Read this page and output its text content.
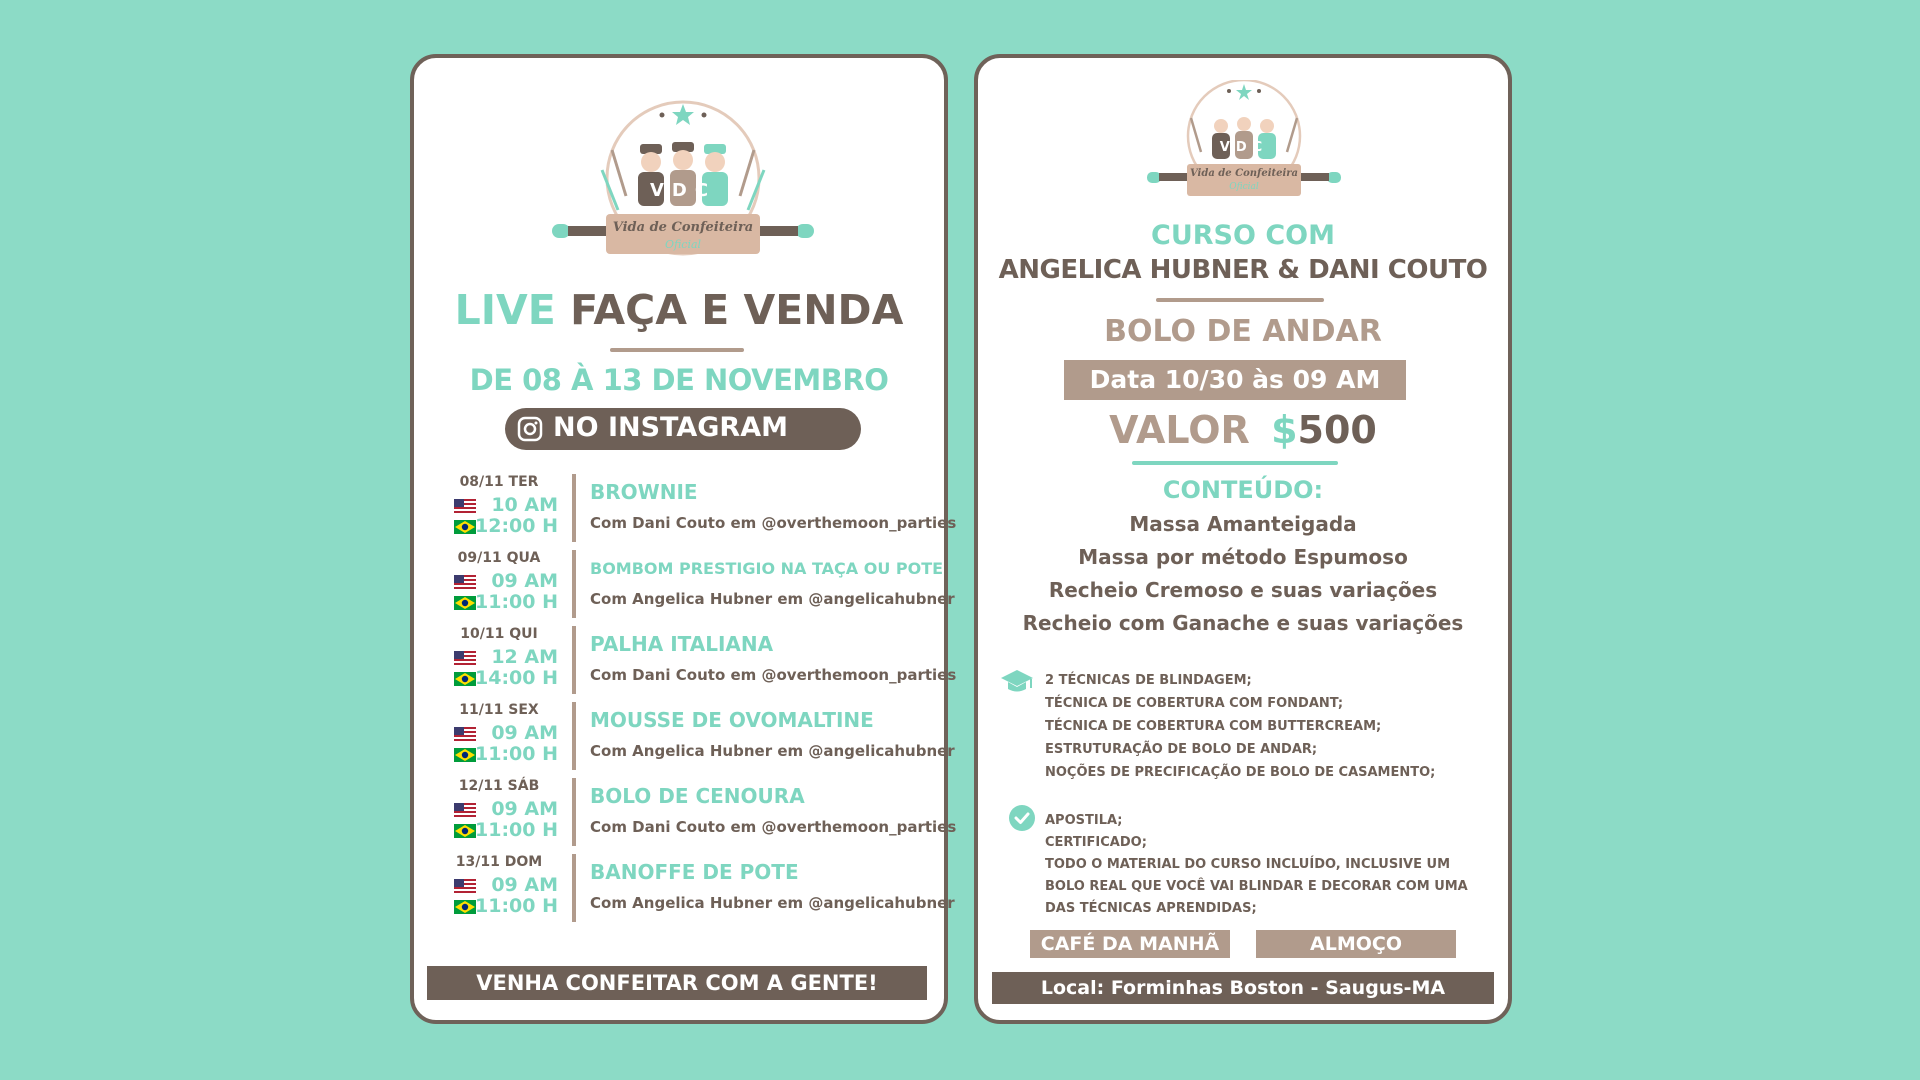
Vida de Confeiteira
Oficial
VDC
LIVE FAÇA E VENDA
DE 08 À 13 DE NOVEMBRO
NO INSTAGRAM
08/11 TER
10 AM
12:00 H
BROWNIE
Com Dani Couto em @overthemoon_parties
09/11 QUA
09 AM
11:00 H
BOMBOM PRESTIGIO NA TAÇA OU POTE
Com Angelica Hubner em @angelicahubner
10/11 QUI
12 AM
14:00 H
PALHA ITALIANA
Com Dani Couto em @overthemoon_parties
11/11 SEX
09 AM
11:00 H
MOUSSE DE OVOMALTINE
Com Angelica Hubner em @angelicahubner
12/11 SÁB
09 AM
11:00 H
BOLO DE CENOURA
Com Dani Couto em @overthemoon_parties
13/11 DOM
09 AM
11:00 H
BANOFFE DE POTE
Com Angelica Hubner em @angelicahubner
VENHA CONFEITAR COM A GENTE!
Vida de Confeiteira
Oficial
VDC
CURSO COM
ANGELICA HUBNER & DANI COUTO
BOLO DE ANDAR
Data 10/30 às 09 AM
VALOR $500
CONTEÚDO:
Massa Amanteigada
Massa por método Espumoso
Recheio Cremoso e suas variações
Recheio com Ganache e suas variações
2 TÉCNICAS DE BLINDAGEM;
TÉCNICA DE COBERTURA COM FONDANT;
TÉCNICA DE COBERTURA COM BUTTERCREAM;
ESTRUTURAÇÃO DE BOLO DE ANDAR;
NOÇÕES DE PRECIFICAÇÃO DE BOLO DE CASAMENTO;
APOSTILA;
CERTIFICADO;
TODO O MATERIAL DO CURSO INCLUÍDO, INCLUSIVE UM
BOLO REAL QUE VOCÊ VAI BLINDAR E DECORAR COM UMA
DAS TÉCNICAS APRENDIDAS;
CAFÉ DA MANHÃ	ALMOÇO
Local: Forminhas Boston - Saugus-MA
